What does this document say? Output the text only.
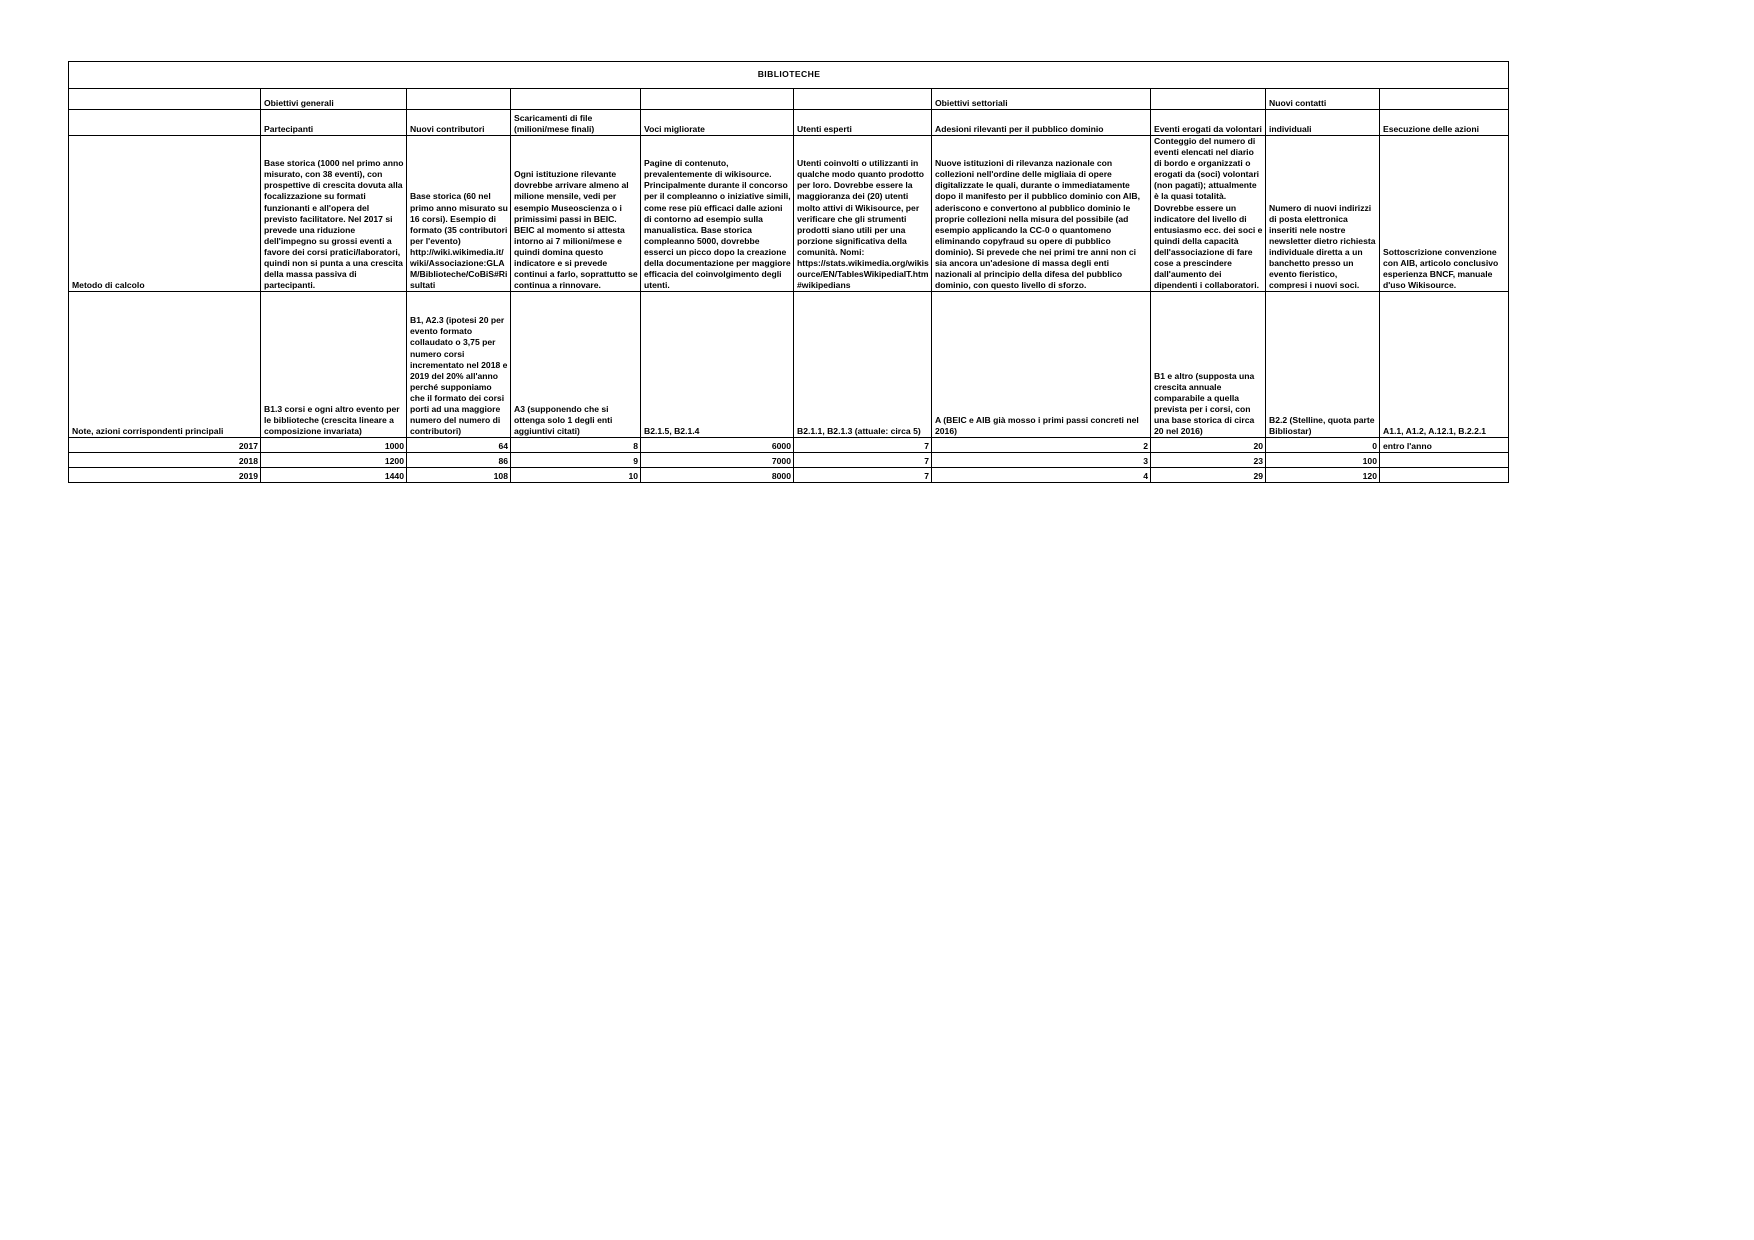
BIBLIOTECHE									
	Obiettivi generali					Obiettivi settoriali		Nuovi contatti	
	Partecipanti	Nuovi contributori	Scaricamenti di file (milioni/mese finali)	Voci migliorate	Utenti esperti	Adesioni rilevanti per il pubblico dominio	Eventi erogati da volontari	individuali	Esecuzione delle azioni
Metodo di calcolo	Base storica (1000 nel primo anno misurato, con 38 eventi), con prospettive di crescita dovuta alla focalizzazione su formati funzionanti e all'opera del previsto facilitatore. Nel 2017 si prevede una riduzione dell'impegno su grossi eventi a favore dei corsi pratici/laboratori, quindi non si punta a una crescita della massa passiva di partecipanti.	Base storica (60 nel primo anno misurato su 16 corsi). Esempio di formato (35 contributori per l'evento) http://wiki.wikimedia.it/wiki/Associazione:GLAM/Biblioteche/CoBiS#Risultati	Ogni istituzione rilevante dovrebbe arrivare almeno al milione mensile, vedi per esempio Museoscienza o i primissimi passi in BEIC. BEIC al momento si attesta intorno ai 7 milioni/mese e quindi domina questo indicatore e si prevede continui a farlo, soprattutto se continua a rinnovare.	Pagine di contenuto, prevalentemente di wikisource. Principalmente durante il concorso per il compleanno o iniziative simili, come rese più efficaci dalle azioni di contorno ad esempio sulla manualistica. Base storica compleanno 5000, dovrebbe esserci un picco dopo la creazione della documentazione per maggiore efficacia del coinvolgimento degli utenti.	Utenti coinvolti o utilizzanti in qualche modo quanto prodotto per loro. Dovrebbe essere la maggioranza dei (20) utenti molto attivi di Wikisource, per verificare che gli strumenti prodotti siano utili per una porzione significativa della comunità. Nomi: https://stats.wikimedia.org/wikisource/EN/TablesWikipediaIT.htm#wikipedians	Nuove istituzioni di rilevanza nazionale con collezioni nell'ordine delle migliaia di opere digitalizzate le quali, durante o immediatamente dopo il manifesto per il pubblico dominio con AIB, aderiscono e convertono al pubblico dominio le proprie collezioni nella misura del possibile (ad esempio applicando la CC-0 o quantomeno eliminando copyfraud su opere di pubblico dominio). Si prevede che nei primi tre anni non ci sia ancora un'adesione di massa degli enti nazionali al principio della difesa del pubblico dominio, con questo livello di sforzo.	Conteggio del numero di eventi elencati nel diario di bordo e organizzati o erogati da (soci) volontari (non pagati); attualmente è la quasi totalità. Dovrebbe essere un indicatore del livello di entusiasmo ecc. dei soci e quindi della capacità dell'associazione di fare cose a prescindere dall'aumento dei dipendenti i collaboratori.	Numero di nuovi indirizzi di posta elettronica inseriti nele nostre newsletter dietro richiesta individuale diretta a un banchetto presso un evento fieristico, compresi i nuovi soci.	Sottoscrizione convenzione con AIB, articolo conclusivo esperienza BNCF, manuale d'uso Wikisource.
Note, azioni corrispondenti principali	B1.3 corsi e ogni altro evento per le biblioteche (crescita lineare a composizione invariata)	B1, A2.3 (ipotesi 20 per evento formato collaudato o 3,75 per numero corsi incrementato nel 2018 e 2019 del 20% all'anno perché supponiamo che il formato dei corsi porti ad una maggiore numero del numero di contributori)	A3 (supponendo che si ottenga solo 1 degli enti aggiuntivi citati)	B2.1.5, B2.1.4	B2.1.1, B2.1.3 (attuale: circa 5)	A (BEIC e AIB già mosso i primi passi concreti nel 2016)	B1 e altro (supposta una crescita annuale comparabile a quella prevista per i corsi, con una base storica di circa 20 nel 2016)	B2.2 (Stelline, quota parte Bibliostar)	A1.1, A1.2, A.12.1, B.2.2.1
2017	1000	64	8	6000	7	2	20	0	entro l'anno
2018	1200	86	9	7000	7	3	23	100	
2019	1440	108	10	8000	7	4	29	120	
